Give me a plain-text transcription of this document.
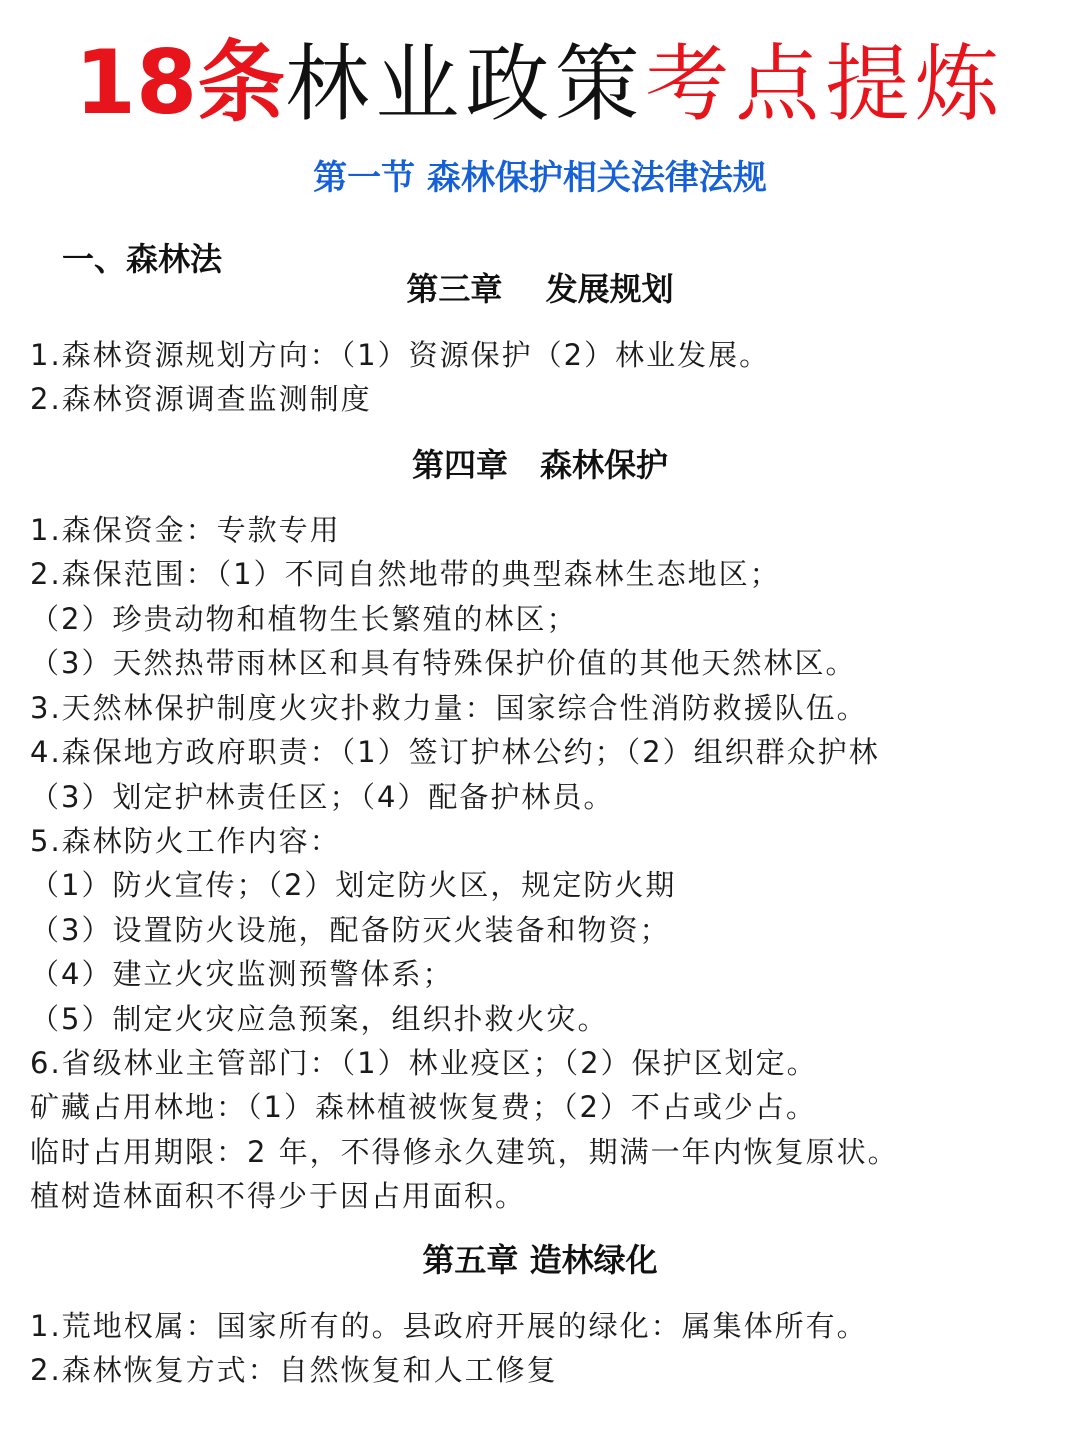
18条林业政策考点提炼
第一节 森林保护相关法律法规
一、森林法
第三章　 发展规划
1.森林资源规划方向：（1）资源保护（2）林业发展。
2.森林资源调查监测制度
第四章　森林保护
1.森保资金：专款专用
2.森保范围：（1）不同自然地带的典型森林生态地区；
（2）珍贵动物和植物生长繁殖的林区；
（3）天然热带雨林区和具有特殊保护价值的其他天然林区。
3.天然林保护制度火灾扑救力量：国家综合性消防救援队伍。
4.森保地方政府职责：（1）签订护林公约；（2）组织群众护林
（3）划定护林责任区；（4）配备护林员。
5.森林防火工作内容：
（1）防火宣传；（2）划定防火区，规定防火期
（3）设置防火设施，配备防灭火装备和物资；
（4）建立火灾监测预警体系；
（5）制定火灾应急预案，组织扑救火灾。
6.省级林业主管部门：（1）林业疫区；（2）保护区划定。
矿藏占用林地：（1）森林植被恢复费；（2）不占或少占。
临时占用期限：2 年，不得修永久建筑，期满一年内恢复原状。
植树造林面积不得少于因占用面积。
第五章 造林绿化
1.荒地权属：国家所有的。县政府开展的绿化：属集体所有。
2.森林恢复方式：自然恢复和人工修复
